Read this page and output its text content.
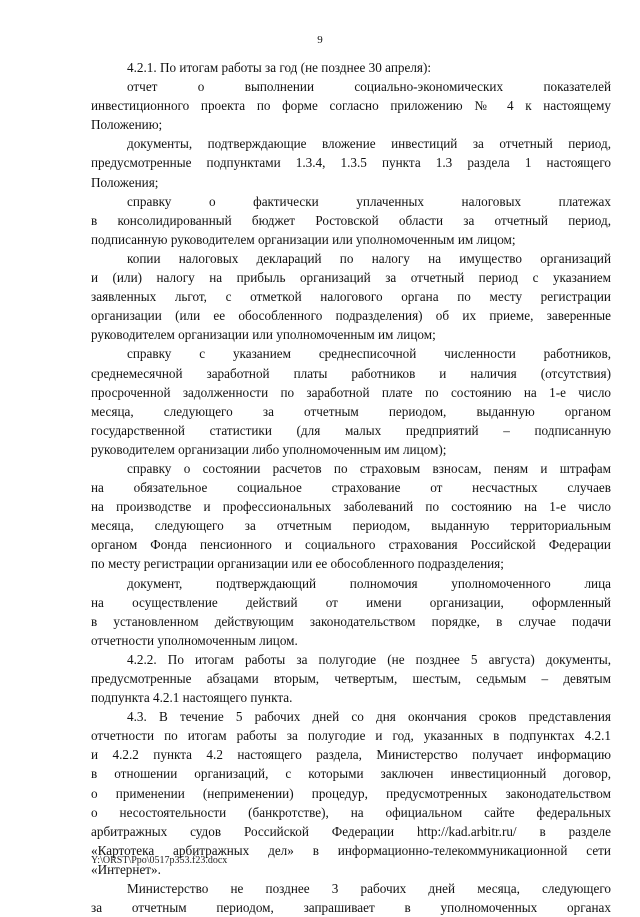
9
4.2.1. По итогам работы за год (не позднее 30 апреля):
отчет о выполнении социально-экономических показателей
инвестиционного проекта по форме согласно приложению № 4 к настоящему
Положению;
документы, подтверждающие вложение инвестиций за отчетный период,
предусмотренные подпунктами 1.3.4, 1.3.5 пункта 1.3 раздела 1 настоящего
Положения;
справку о фактически уплаченных налоговых платежах
в консолидированный бюджет Ростовской области за отчетный период,
подписанную руководителем организации или уполномоченным им лицом;
копии налоговых деклараций по налогу на имущество организаций
и (или) налогу на прибыль организаций за отчетный период с указанием
заявленных льгот, с отметкой налогового органа по месту регистрации
организации (или ее обособленного подразделения) об их приеме, заверенные
руководителем организации или уполномоченным им лицом;
справку с указанием среднесписочной численности работников,
среднемесячной заработной платы работников и наличия (отсутствия)
просроченной задолженности по заработной плате по состоянию на 1-е число
месяца, следующего за отчетным периодом, выданную органом
государственной статистики (для малых предприятий – подписанную
руководителем организации либо уполномоченным им лицом);
справку о состоянии расчетов по страховым взносам, пеням и штрафам
на обязательное социальное страхование от несчастных случаев
на производстве и профессиональных заболеваний по состоянию на 1-е число
месяца, следующего за отчетным периодом, выданную территориальным
органом Фонда пенсионного и социального страхования Российской Федерации
по месту регистрации организации или ее обособленного подразделения;
документ, подтверждающий полномочия уполномоченного лица
на осуществление действий от имени организации, оформленный
в установленном действующим законодательством порядке, в случае подачи
отчетности уполномоченным лицом.
4.2.2. По итогам работы за полугодие (не позднее 5 августа) документы,
предусмотренные абзацами вторым, четвертым, шестым, седьмым – девятым
подпункта 4.2.1 настоящего пункта.
4.3. В течение 5 рабочих дней со дня окончания сроков представления
отчетности по итогам работы за полугодие и год, указанных в подпунктах 4.2.1
и 4.2.2 пункта 4.2 настоящего раздела, Министерство получает информацию
в отношении организаций, с которыми заключен инвестиционный договор,
о применении (неприменении) процедур, предусмотренных законодательством
о несостоятельности (банкротстве), на официальном сайте федеральных
арбитражных судов Российской Федерации http://kad.arbitr.ru/ в разделе
«Картотека арбитражных дел» в информационно-телекоммуникационной сети
«Интернет».
Министерство не позднее 3 рабочих дней месяца, следующего
за отчетным периодом, запрашивает в уполномоченных органах
Y:\ORST\Ppo\0517p353.f23.docx
